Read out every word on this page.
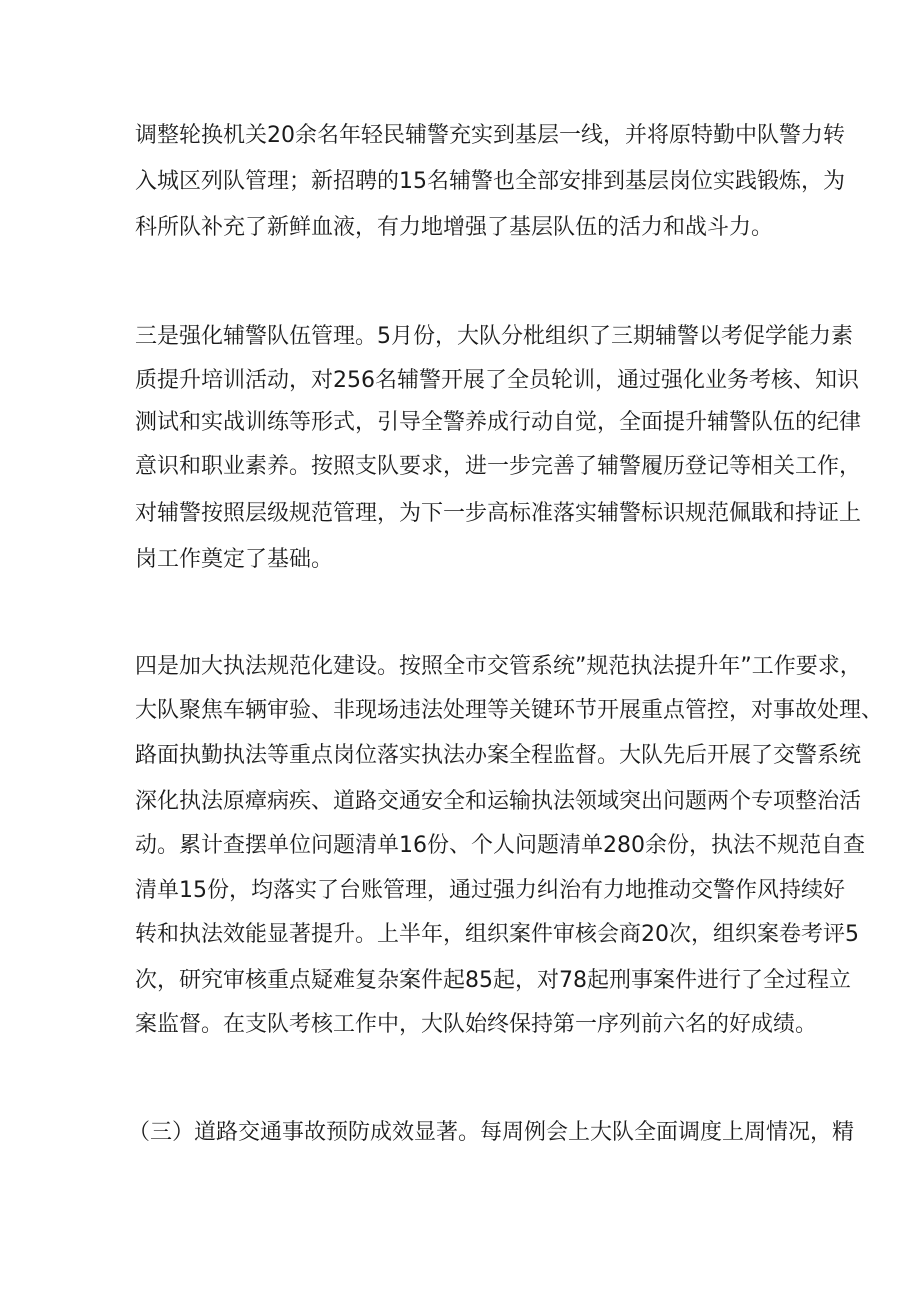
调整轮换机关20余名年轻民辅警充实到基层一线，并将原特勤中队警力转
入城区列队管理；新招聘的15名辅警也全部安排到基层岗位实践锻炼，为
科所队补充了新鲜血液，有力地增强了基层队伍的活力和战斗力。
三是强化辅警队伍管理。5月份，大队分枇组织了三期辅警以考促学能力素
质提升培训活动，对256名辅警开展了全员轮训，通过强化业务考核、知识
测试和实战训练等形式，引导全警养成行动自觉，全面提升辅警队伍的纪律
意识和职业素养。按照支队要求，进一步完善了辅警履历登记等相关工作，
对辅警按照层级规范管理，为下一步高标准落实辅警标识规范佩戢和持证上
岗工作奠定了基础。
四是加大执法规范化建设。按照全市交管系统”规范执法提升年”工作要求，
大队聚焦车辆审验、非现场违法处理等关键环节开展重点管控，对事故处理、
路面执勤执法等重点岗位落实执法办案全程监督。大队先后开展了交警系统
深化执法原瘴病疾、道路交通安全和运输执法领域突出问题两个专项整治活
动。累计查摆单位问题清单16份、个人问题清单280余份，执法不规范自查
清单15份，均落实了台账管理，通过强力纠治有力地推动交警作风持续好
转和执法效能显著提升。上半年，组织案件审核会商20次，组织案卷考评5
次，研究审核重点疑难复杂案件起85起，对78起刑事案件进行了全过程立
案监督。在支队考核工作中，大队始终保持第一序列前六名的好成绩。
（三）道路交通事故预防成效显著。每周例会上大队全面调度上周情况，精
